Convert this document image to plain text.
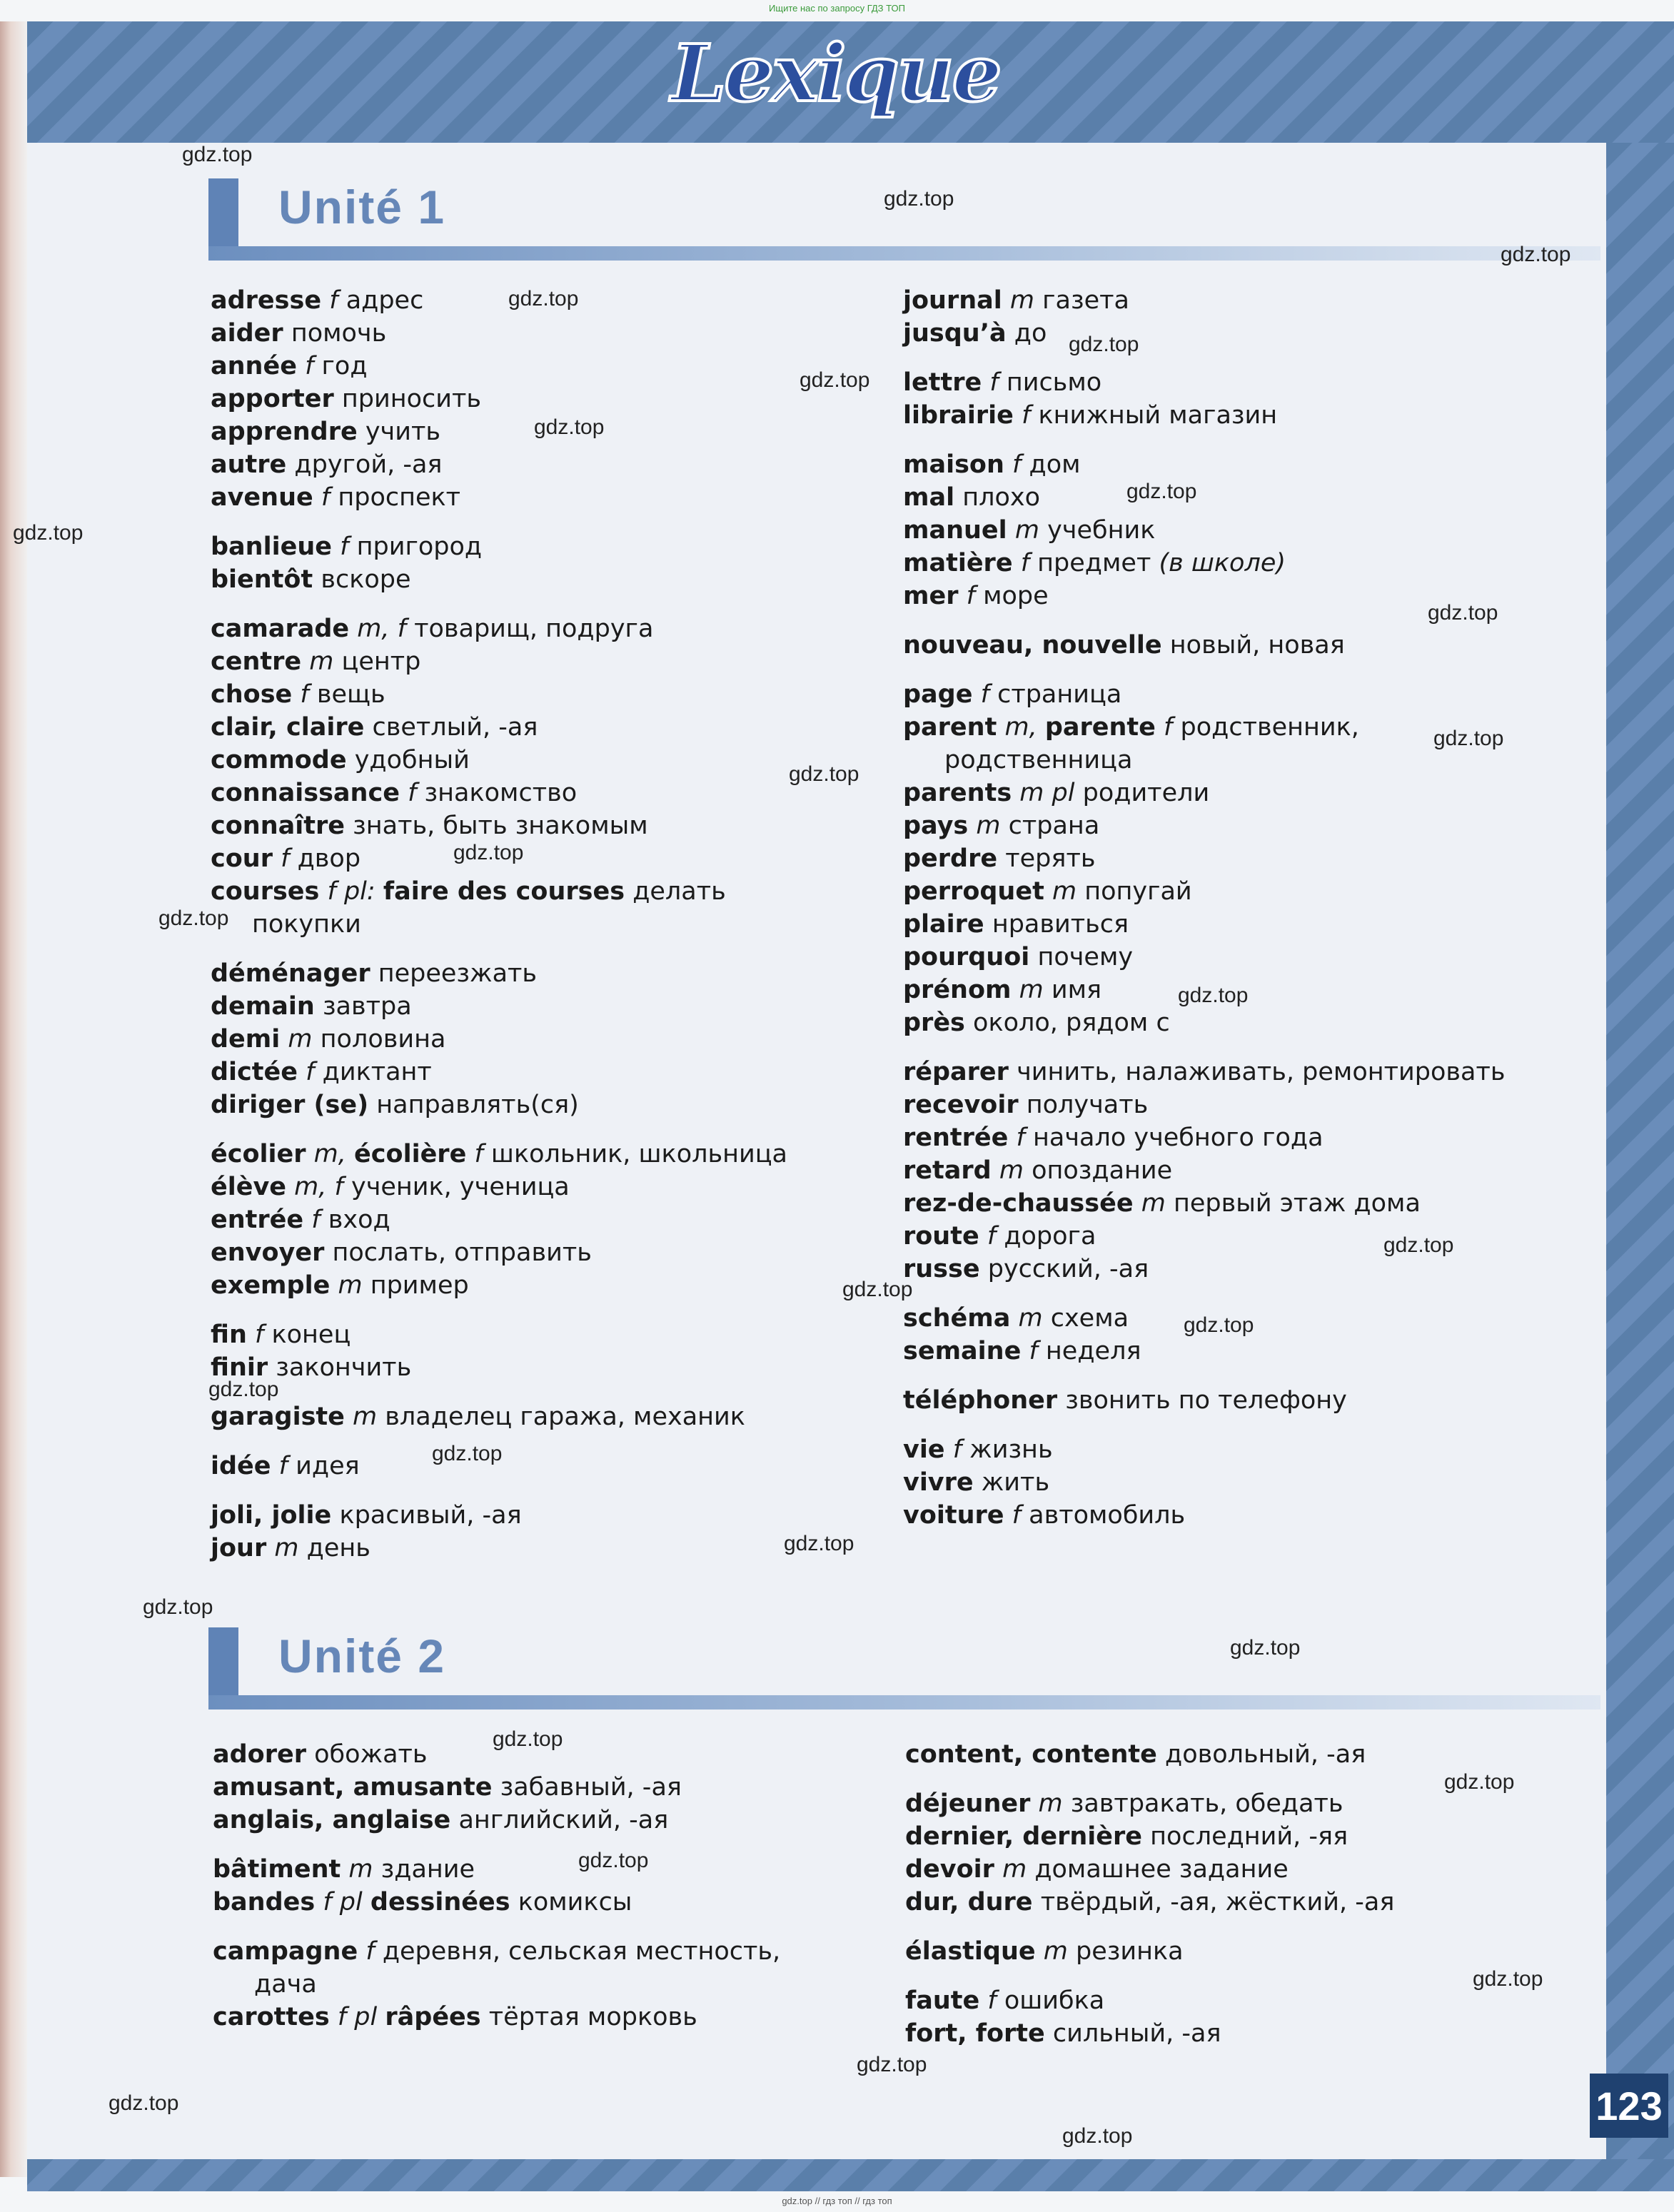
Ищите нас по запросу ГДЗ ТОП
Lexique
Unité 1
adresse f адрес
aider помочь
année f год
apporter приносить
apprendre учить
autre другой, -ая
avenue f проспект
banlieue f пригород
bientôt вскоре
camarade m, f товарищ, подруга
centre m центр
chose f вещь
clair, claire светлый, -ая
commode удобный
connaissance f знакомство
connaître знать, быть знакомым
cour f двор
courses f pl: faire des courses делать
покупки
déménager переезжать
demain завтра
demi m половина
dictée f диктант
diriger (se) направлять(ся)
écolier m, écolière f школьник, школьница
élève m, f ученик, ученица
entrée f вход
envoyer послать, отправить
exemple m пример
fin f конец
finir закончить
garagiste m владелец гаража, механик
idée f идея
joli, jolie красивый, -ая
jour m день
journal m газета
jusqu’à до
lettre f письмо
librairie f книжный магазин
maison f дом
mal плохо
manuel m учебник
matière f предмет (в школе)
mer f море
nouveau, nouvelle новый, новая
page f страница
parent m, parente f родственник,
родственница
parents m pl родители
pays m страна
perdre терять
perroquet m попугай
plaire нравиться
pourquoi почему
prénom m имя
près около, рядом с
réparer чинить, налаживать, ремонтировать
recevoir получать
rentrée f начало учебного года
retard m опоздание
rez-de-chaussée m первый этаж дома
route f дорога
russe русский, -ая
schéma m схема
semaine f неделя
téléphoner звонить по телефону
vie f жизнь
vivre жить
voiture f автомобиль
Unité 2
adorer обожать
amusant, amusante забавный, -ая
anglais, anglaise английский, -ая
bâtiment m здание
bandes f pl dessinées комиксы
campagne f деревня, сельская местность,
дача
carottes f pl râpées тёртая морковь
content, contente довольный, -ая
déjeuner m завтракать, обедать
dernier, dernière последний, -яя
devoir m домашнее задание
dur, dure твёрдый, -ая, жёсткий, -ая
élastique m резинка
faute f ошибка
fort, forte сильный, -ая
123
gdz.top // гдз топ // гдз топ
gdz.top
gdz.top
gdz.top
gdz.top
gdz.top
gdz.top
gdz.top
gdz.top
gdz.top
gdz.top
gdz.top
gdz.top
gdz.top
gdz.top
gdz.top
gdz.top
gdz.top
gdz.top
gdz.top
gdz.top
gdz.top
gdz.top
gdz.top
gdz.top
gdz.top
gdz.top
gdz.top
gdz.top
gdz.top
gdz.top
